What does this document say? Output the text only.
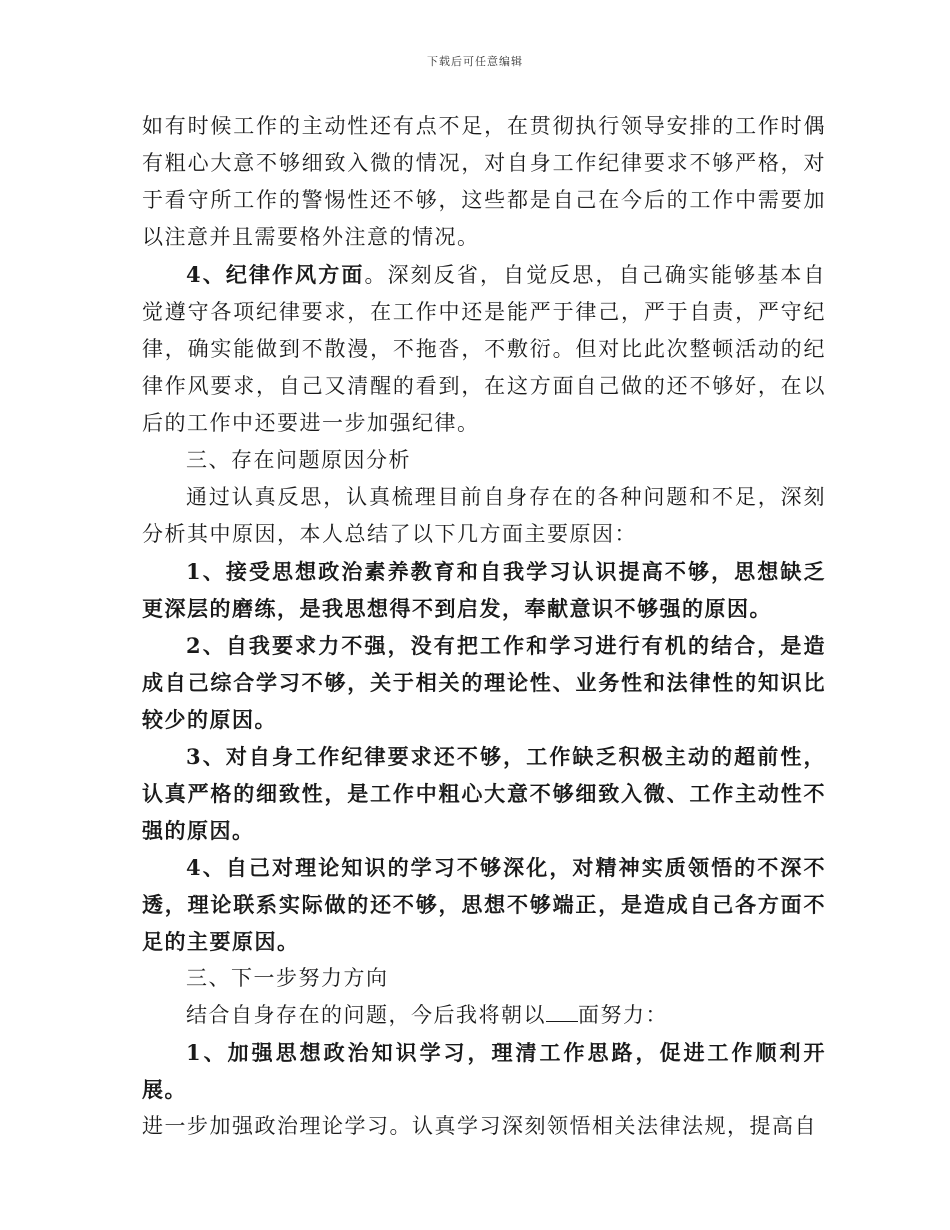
下载后可任意编辑

如有时候工作的主动性还有点不足，在贯彻执行领导安排的工作时偶有粗心大意不够细致入微的情况，对自身工作纪律要求不够严格，对于看守所工作的警惕性还不够，这些都是自己在今后的工作中需要加以注意并且需要格外注意的情况。

4、纪律作风方面。深刻反省，自觉反思，自己确实能够基本自觉遵守各项纪律要求，在工作中还是能严于律己，严于自责，严守纪律，确实能做到不散漫，不拖沓，不敷衍。但对比此次整顿活动的纪律作风要求，自己又清醒的看到，在这方面自己做的还不够好，在以后的工作中还要进一步加强纪律。

三、存在问题原因分析

通过认真反思，认真梳理目前自身存在的各种问题和不足，深刻分析其中原因，本人总结了以下几方面主要原因：

1、接受思想政治素养教育和自我学习认识提高不够，思想缺乏更深层的磨练，是我思想得不到启发，奉献意识不够强的原因。

2、自我要求力不强，没有把工作和学习进行有机的结合，是造成自己综合学习不够，关于相关的理论性、业务性和法律性的知识比较少的原因。

3、对自身工作纪律要求还不够，工作缺乏积极主动的超前性，认真严格的细致性，是工作中粗心大意不够细致入微、工作主动性不强的原因。

4、自己对理论知识的学习不够深化，对精神实质领悟的不深不透，理论联系实际做的还不够，思想不够端正，是造成自己各方面不足的主要原因。

三、下一步努力方向

结合自身存在的问题，今后我将朝以 面努力：

1、加强思想政治知识学习，理清工作思路，促进工作顺利开展。

进一步加强政治理论学习。认真学习深刻领悟相关法律法规，提高自
